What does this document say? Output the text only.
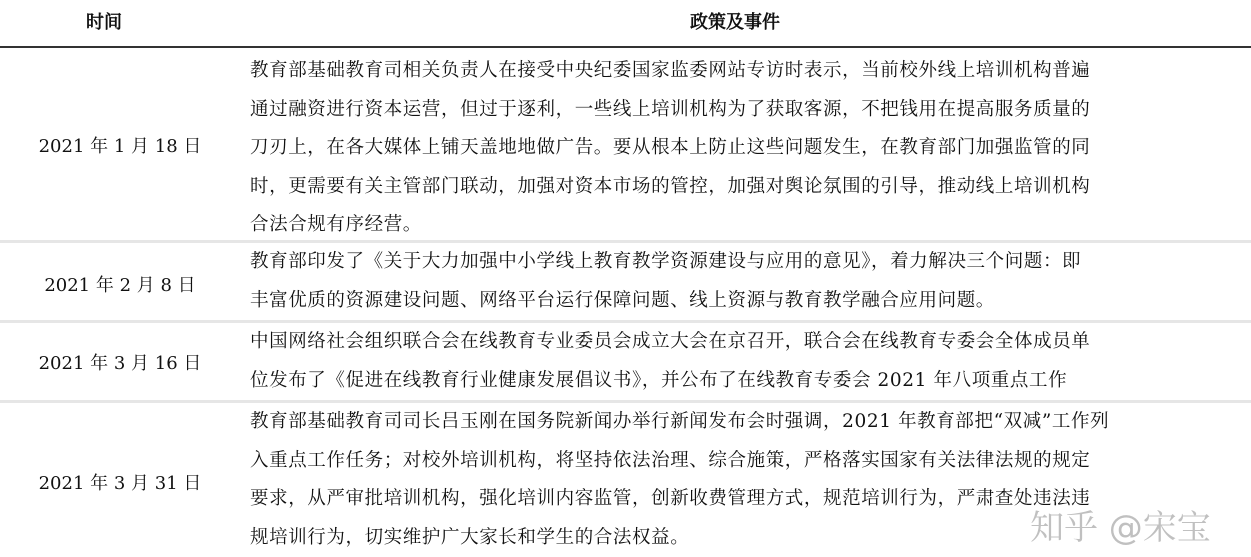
时间	政策及事件
2021 年 1 月 18 日
教育部基础教育司相关负责人在接受中央纪委国家监委网站专访时表示，当前校外线上培训机构普遍
通过融资进行资本运营，但过于逐利，一些线上培训机构为了获取客源，不把钱用在提高服务质量的
刀刃上，在各大媒体上铺天盖地地做广告。要从根本上防止这些问题发生，在教育部门加强监管的同
时，更需要有关主管部门联动，加强对资本市场的管控，加强对舆论氛围的引导，推动线上培训机构
合法合规有序经营。
2021 年 2 月 8 日
教育部印发了《关于大力加强中小学线上教育教学资源建设与应用的意见》，着力解决三个问题：即
丰富优质的资源建设问题、网络平台运行保障问题、线上资源与教育教学融合应用问题。
2021 年 3 月 16 日
中国网络社会组织联合会在线教育专业委员会成立大会在京召开，联合会在线教育专委会全体成员单
位发布了《促进在线教育行业健康发展倡议书》，并公布了在线教育专委会 2021 年八项重点工作
2021 年 3 月 31 日
教育部基础教育司司长吕玉刚在国务院新闻办举行新闻发布会时强调，2021 年教育部把“双减”工作列
入重点工作任务；对校外培训机构，将坚持依法治理、综合施策，严格落实国家有关法律法规的规定
要求，从严审批培训机构，强化培训内容监管，创新收费管理方式，规范培训行为，严肃查处违法违
规培训行为，切实维护广大家长和学生的合法权益。	知乎 @宋宝
